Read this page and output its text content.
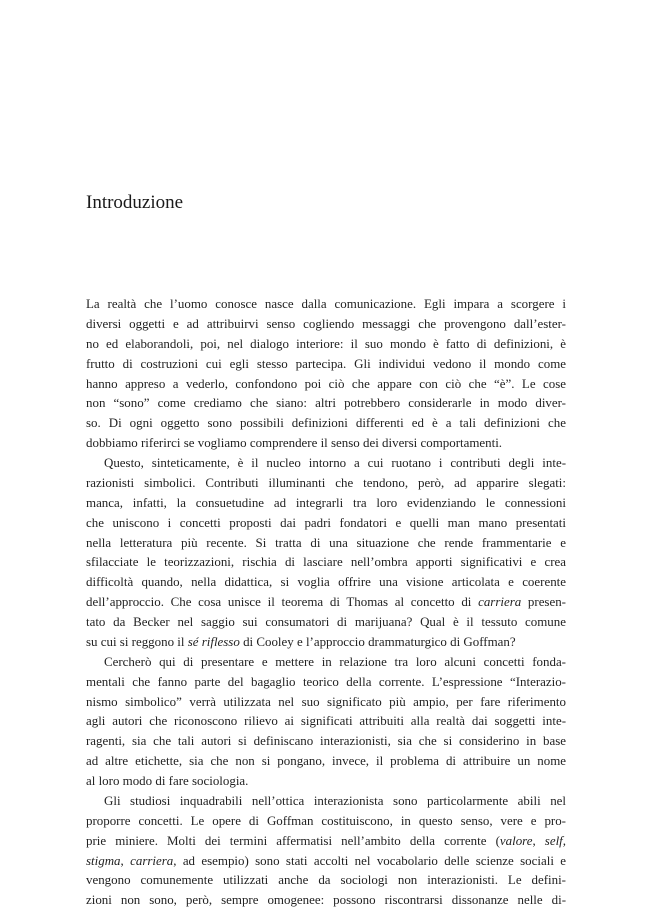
Introduzione
La realtà che l’uomo conosce nasce dalla comunicazione. Egli impara a scorgere i
diversi oggetti e ad attribuirvi senso cogliendo messaggi che provengono dall’ester-
no ed elaborandoli, poi, nel dialogo interiore: il suo mondo è fatto di definizioni, è
frutto di costruzioni cui egli stesso partecipa. Gli individui vedono il mondo come
hanno appreso a vederlo, confondono poi ciò che appare con ciò che “è”. Le cose
non “sono” come crediamo che siano: altri potrebbero considerarle in modo diver-
so. Di ogni oggetto sono possibili definizioni differenti ed è a tali definizioni che
dobbiamo riferirci se vogliamo comprendere il senso dei diversi comportamenti.
Questo, sinteticamente, è il nucleo intorno a cui ruotano i contributi degli inte-
razionisti simbolici. Contributi illuminanti che tendono, però, ad apparire slegati:
manca, infatti, la consuetudine ad integrarli tra loro evidenziando le connessioni
che uniscono i concetti proposti dai padri fondatori e quelli man mano presentati
nella letteratura più recente. Si tratta di una situazione che rende frammentarie e
sfilacciate le teorizzazioni, rischia di lasciare nell’ombra apporti significativi e crea
difficoltà quando, nella didattica, si voglia offrire una visione articolata e coerente
dell’approccio. Che cosa unisce il teorema di Thomas al concetto di carriera presen-
tato da Becker nel saggio sui consumatori di marijuana? Qual è il tessuto comune
su cui si reggono il sé riflesso di Cooley e l’approccio drammaturgico di Goffman?
Cercherò qui di presentare e mettere in relazione tra loro alcuni concetti fonda-
mentali che fanno parte del bagaglio teorico della corrente. L’espressione “Interazio-
nismo simbolico” verrà utilizzata nel suo significato più ampio, per fare riferimento
agli autori che riconoscono rilievo ai significati attribuiti alla realtà dai soggetti inte-
ragenti, sia che tali autori si definiscano interazionisti, sia che si considerino in base
ad altre etichette, sia che non si pongano, invece, il problema di attribuire un nome
al loro modo di fare sociologia.
Gli studiosi inquadrabili nell’ottica interazionista sono particolarmente abili nel
proporre concetti. Le opere di Goffman costituiscono, in questo senso, vere e pro-
prie miniere. Molti dei termini affermatisi nell’ambito della corrente (valore, self,
stigma, carriera, ad esempio) sono stati accolti nel vocabolario delle scienze sociali e
vengono comunemente utilizzati anche da sociologi non interazionisti. Le defini-
zioni non sono, però, sempre omogenee: possono riscontrarsi dissonanze nelle di-
